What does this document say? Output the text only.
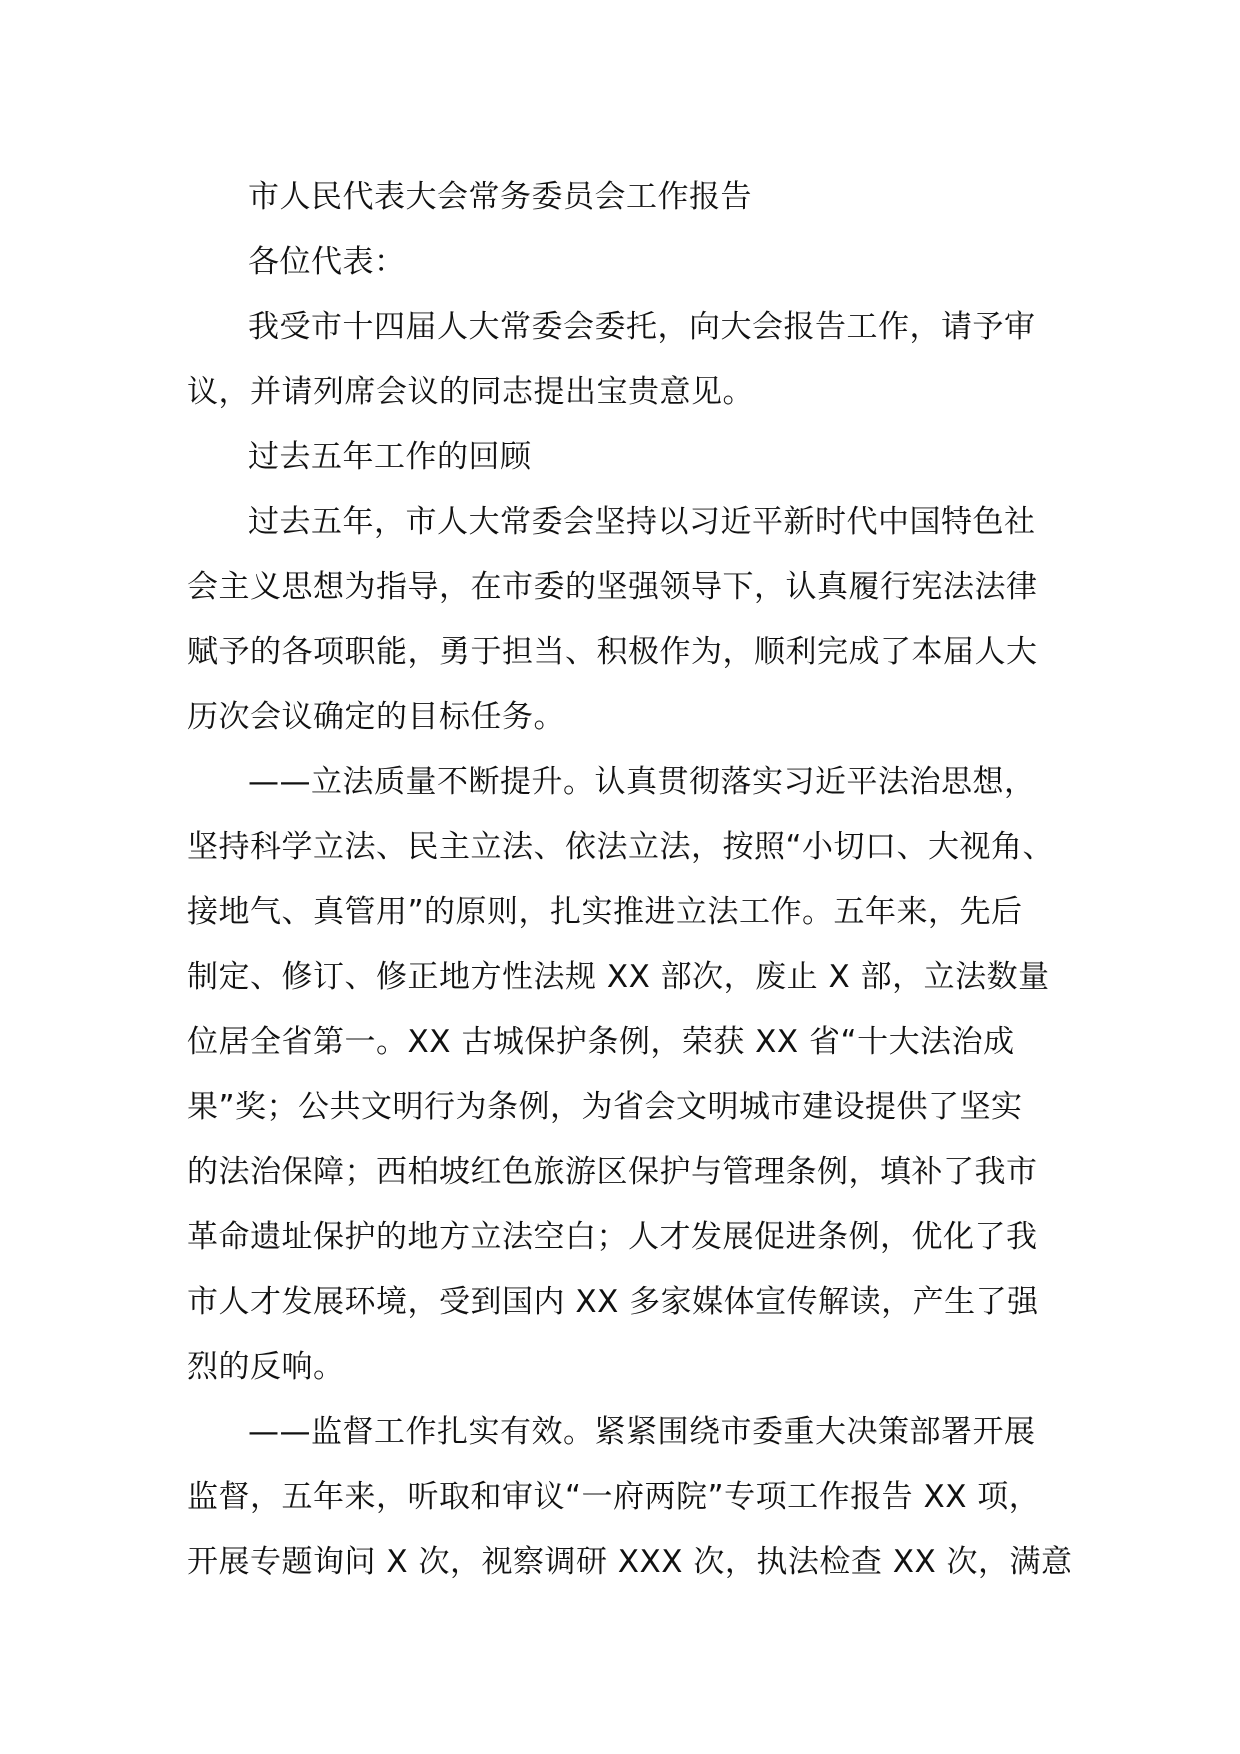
市人民代表大会常务委员会工作报告
各位代表：
我受市十四届人大常委会委托，向大会报告工作，请予审
议，并请列席会议的同志提出宝贵意见。
过去五年工作的回顾
过去五年，市人大常委会坚持以习近平新时代中国特色社
会主义思想为指导，在市委的坚强领导下，认真履行宪法法律
赋予的各项职能，勇于担当、积极作为，顺利完成了本届人大
历次会议确定的目标任务。
——立法质量不断提升。认真贯彻落实习近平法治思想，
坚持科学立法、民主立法、依法立法，按照“小切口、大视角、
接地气、真管用”的原则，扎实推进立法工作。五年来，先后
制定、修订、修正地方性法规 XX 部次，废止 X 部，立法数量
位居全省第一。XX 古城保护条例，荣获 XX 省“十大法治成
果”奖；公共文明行为条例，为省会文明城市建设提供了坚实
的法治保障；西柏坡红色旅游区保护与管理条例，填补了我市
革命遗址保护的地方立法空白；人才发展促进条例，优化了我
市人才发展环境，受到国内 XX 多家媒体宣传解读，产生了强
烈的反响。
——监督工作扎实有效。紧紧围绕市委重大决策部署开展
监督，五年来，听取和审议“一府两院”专项工作报告 XX 项，
开展专题询问 X 次，视察调研 XXX 次，执法检查 XX 次，满意
